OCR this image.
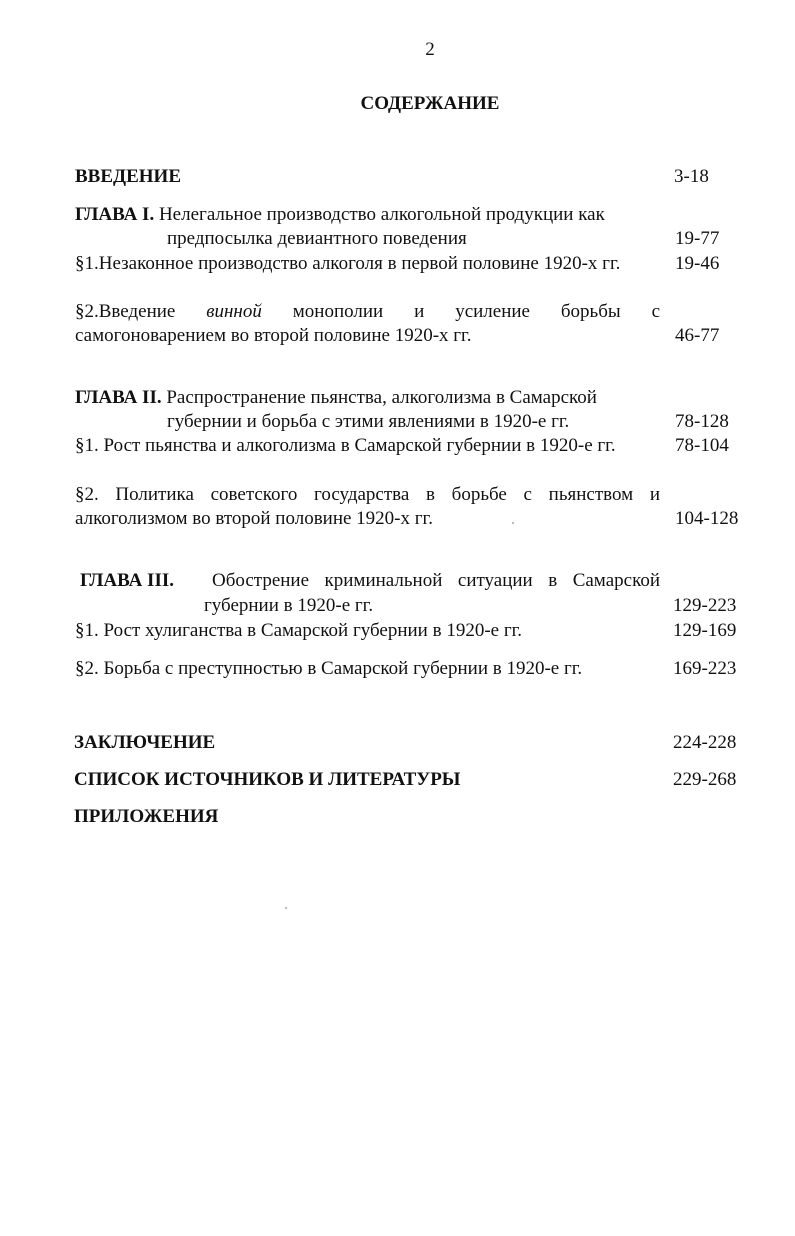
2
СОДЕРЖАНИЕ
ВВЕДЕНИЕ	3-18
ГЛАВА I. Нелегальное производство алкогольной продукции как
предпосылка девиантного поведения	19-77
§1.Незаконное производство алкоголя в первой половине 1920-х гг.	19-46
§2.Введение винной монополии и усиление борьбы с
самогоноварением во второй половине 1920-х гг.	46-77
ГЛАВА II. Распространение пьянства, алкоголизма в Самарской
губернии и борьба с этими явлениями в 1920-е гг.	78-128
§1. Рост пьянства и алкоголизма в Самарской губернии в 1920-е гг.	78-104
§2. Политика советского государства в борьбе с пьянством и
алкоголизмом во второй половине 1920-х гг.	104-128
ГЛАВА III. Обострение криминальной ситуации в Самарской
губернии в 1920-е гг.	129-223
§1. Рост хулиганства в Самарской губернии в 1920-е гг.	129-169
§2. Борьба с преступностью в Самарской губернии в 1920-е гг.	169-223
ЗАКЛЮЧЕНИЕ	224-228
СПИСОК ИСТОЧНИКОВ И ЛИТЕРАТУРЫ	229-268
ПРИЛОЖЕНИЯ
